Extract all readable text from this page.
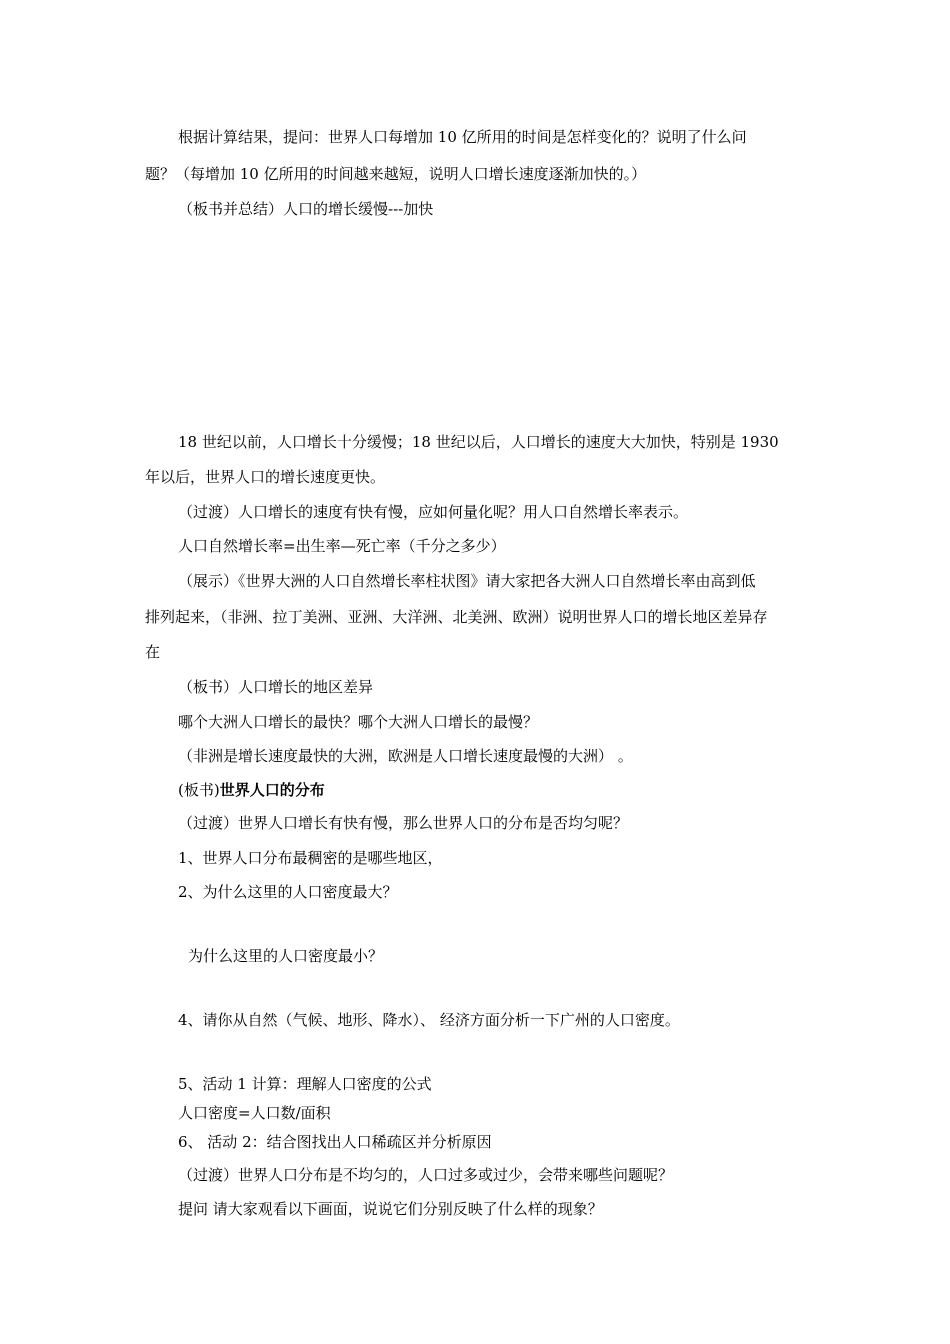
根据计算结果，提问：世界人口每增加 10 亿所用的时间是怎样变化的？说明了什么问
题？（每增加 10 亿所用的时间越来越短，说明人口增长速度逐渐加快的。）
（板书并总结）人口的增长缓慢---加快
18 世纪以前，人口增长十分缓慢；18 世纪以后，人口增长的速度大大加快，特别是 1930
年以后，世界人口的增长速度更快。
（过渡）人口增长的速度有快有慢，应如何量化呢？用人口自然增长率表示。
人口自然增长率=出生率—死亡率（千分之多少）
（展示）《世界大洲的人口自然增长率柱状图》请大家把各大洲人口自然增长率由高到低
排列起来，（非洲、拉丁美洲、亚洲、大洋洲、北美洲、欧洲）说明世界人口的增长地区差异存
在
（板书）人口增长的地区差异
哪个大洲人口增长的最快？哪个大洲人口增长的最慢？
（非洲是增长速度最快的大洲，欧洲是人口增长速度最慢的大洲） 。
(板书)世界人口的分布
（过渡）世界人口增长有快有慢，那么世界人口的分布是否均匀呢？
1、世界人口分布最稠密的是哪些地区，
2、为什么这里的人口密度最大？
为什么这里的人口密度最小？
4、请你从自然（气候、地形、降水）、 经济方面分析一下广州的人口密度。
5、活动 1 计算：理解人口密度的公式
人口密度=人口数/面积
6、 活动 2：结合图找出人口稀疏区并分析原因
（过渡）世界人口分布是不均匀的，人口过多或过少，会带来哪些问题呢？
提问 请大家观看以下画面，说说它们分别反映了什么样的现象？
